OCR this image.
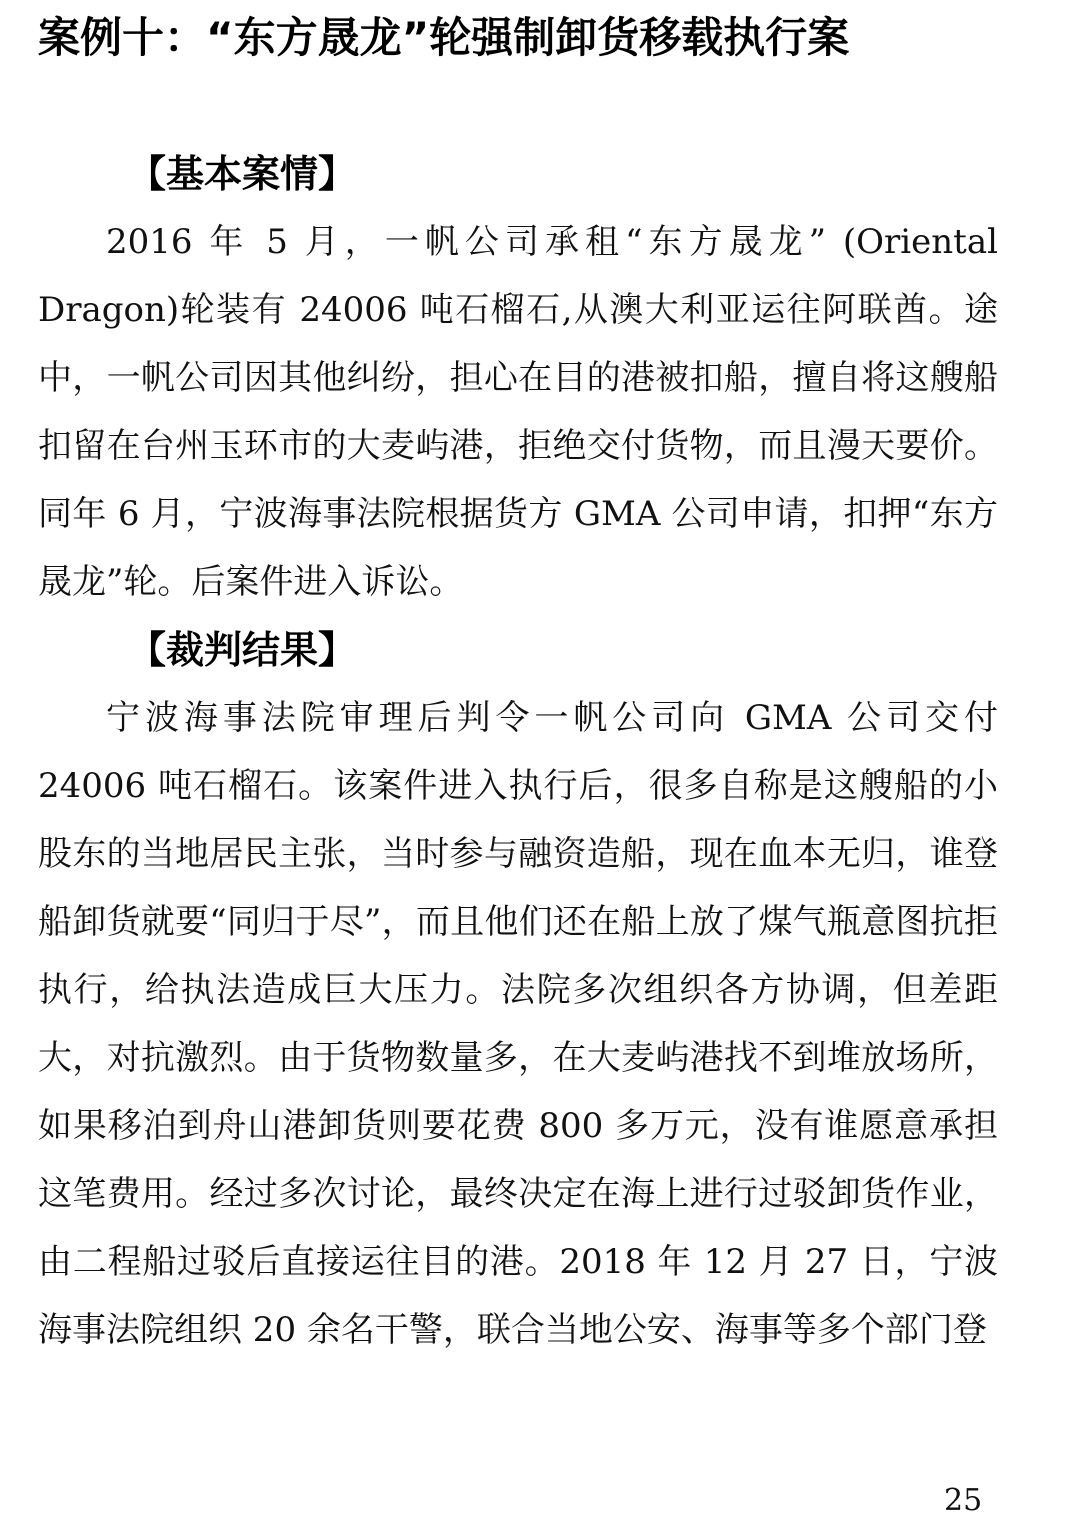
案例十：“东方晟龙”轮强制卸货移载执行案
【基本案情】

2016 年 5 月，一帆公司承租“东方晟龙” (Oriental Dragon)轮装有 24006 吨石榴石,从澳大利亚运往阿联酋。途中，一帆公司因其他纠纷，担心在目的港被扣船，擅自将这艘船扣留在台州玉环市的大麦屿港，拒绝交付货物，而且漫天要价。同年 6 月，宁波海事法院根据货方 GMA 公司申请，扣押“东方晟龙”轮。后案件进入诉讼。

【裁判结果】

宁波海事法院审理后判令一帆公司向 GMA 公司交付 24006 吨石榴石。该案件进入执行后，很多自称是这艘船的小股东的当地居民主张，当时参与融资造船，现在血本无归，谁登船卸货就要“同归于尽”，而且他们还在船上放了煤气瓶意图抗拒执行，给执法造成巨大压力。法院多次组织各方协调，但差距大，对抗激烈。由于货物数量多，在大麦屿港找不到堆放场所，如果移泊到舟山港卸货则要花费 800 多万元，没有谁愿意承担这笔费用。经过多次讨论，最终决定在海上进行过驳卸货作业，由二程船过驳后直接运往目的港。2018 年 12 月 27 日，宁波海事法院组织 20 余名干警，联合当地公安、海事等多个部门登

25
